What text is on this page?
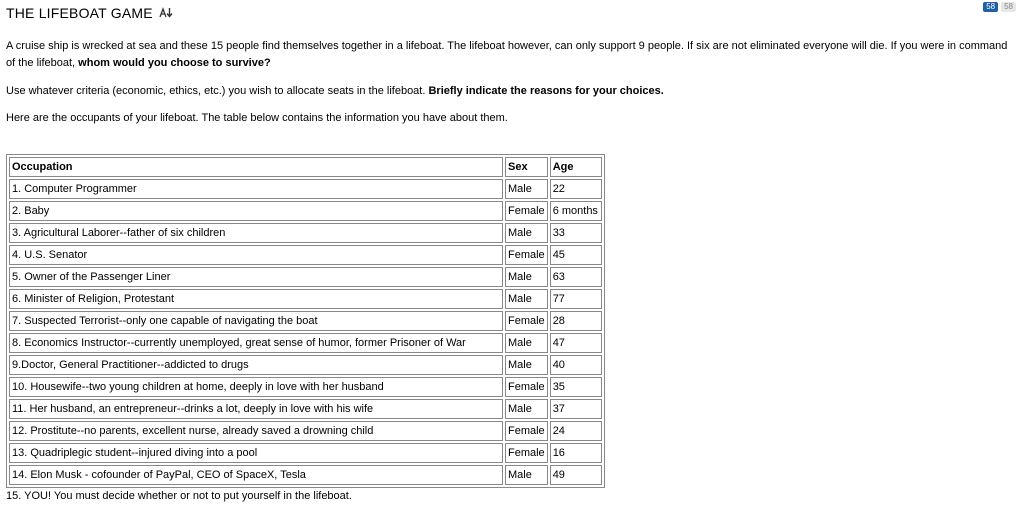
THE LIFEBOAT GAME	58	58
A cruise ship is wrecked at sea and these 15 people find themselves together in a lifeboat. The lifeboat however, can only support 9 people. If six are not eliminated everyone will die. If you were in command of the lifeboat, whom would you choose to survive?
Use whatever criteria (economic, ethics, etc.) you wish to allocate seats in the lifeboat. Briefly indicate the reasons for your choices.
Here are the occupants of your lifeboat. The table below contains the information you have about them.
Occupation	Sex	Age
1. Computer Programmer	Male	22
2. Baby	Female	6 months
3. Agricultural Laborer--father of six children	Male	33
4. U.S. Senator	Female	45
5. Owner of the Passenger Liner	Male	63
6. Minister of Religion, Protestant	Male	77
7. Suspected Terrorist--only one capable of navigating the boat	Female	28
8. Economics Instructor--currently unemployed, great sense of humor, former Prisoner of War	Male	47
9.Doctor, General Practitioner--addicted to drugs	Male	40
10. Housewife--two young children at home, deeply in love with her husband	Female	35
11. Her husband, an entrepreneur--drinks a lot, deeply in love with his wife	Male	37
12. Prostitute--no parents, excellent nurse, already saved a drowning child	Female	24
13. Quadriplegic student--injured diving into a pool	Female	16
14. Elon Musk - cofounder of PayPal, CEO of SpaceX, Tesla	Male	49
15. YOU! You must decide whether or not to put yourself in the lifeboat.
